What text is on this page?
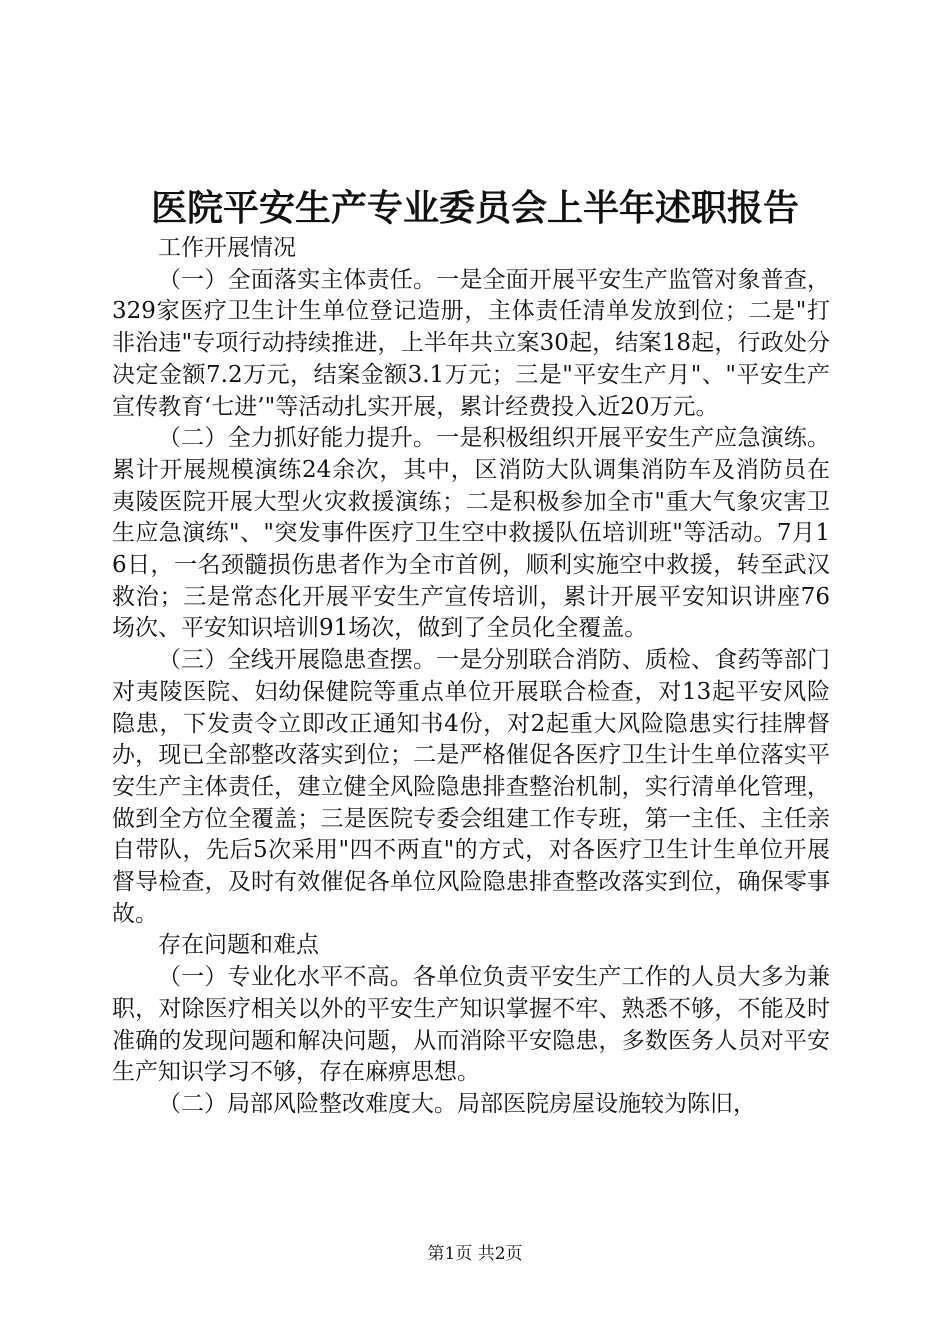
医院平安生产专业委员会上半年述职报告
工作开展情况

（一）全面落实主体责任。一是全面开展平安生产监管对象普查，329家医疗卫生计生单位登记造册，主体责任清单发放到位；二是"打非治违"专项行动持续推进，上半年共立案30起，结案18起，行政处分决定金额7.2万元，结案金额3.1万元；三是"平安生产月"、"平安生产宣传教育‘七进’"等活动扎实开展，累计经费投入近20万元。

（二）全力抓好能力提升。一是积极组织开展平安生产应急演练。累计开展规模演练24余次，其中，区消防大队调集消防车及消防员在夷陵医院开展大型火灾救援演练；二是积极参加全市"重大气象灾害卫生应急演练"、"突发事件医疗卫生空中救援队伍培训班"等活动。7月16日，一名颈髓损伤患者作为全市首例，顺利实施空中救援，转至武汉救治；三是常态化开展平安生产宣传培训，累计开展平安知识讲座76场次、平安知识培训91场次，做到了全员化全覆盖。

（三）全线开展隐患查摆。一是分别联合消防、质检、食药等部门对夷陵医院、妇幼保健院等重点单位开展联合检查，对13起平安风险隐患，下发责令立即改正通知书4份，对2起重大风险隐患实行挂牌督办，现已全部整改落实到位；二是严格催促各医疗卫生计生单位落实平安生产主体责任，建立健全风险隐患排查整治机制，实行清单化管理，做到全方位全覆盖；三是医院专委会组建工作专班，第一主任、主任亲自带队，先后5次采用"四不两直"的方式，对各医疗卫生计生单位开展督导检查，及时有效催促各单位风险隐患排查整改落实到位，确保零事故。

存在问题和难点

（一）专业化水平不高。各单位负责平安生产工作的人员大多为兼职，对除医疗相关以外的平安生产知识掌握不牢、熟悉不够，不能及时准确的发现问题和解决问题，从而消除平安隐患，多数医务人员对平安生产知识学习不够，存在麻痹思想。

（二）局部风险整改难度大。局部医院房屋设施较为陈旧，

第1页 共2页
